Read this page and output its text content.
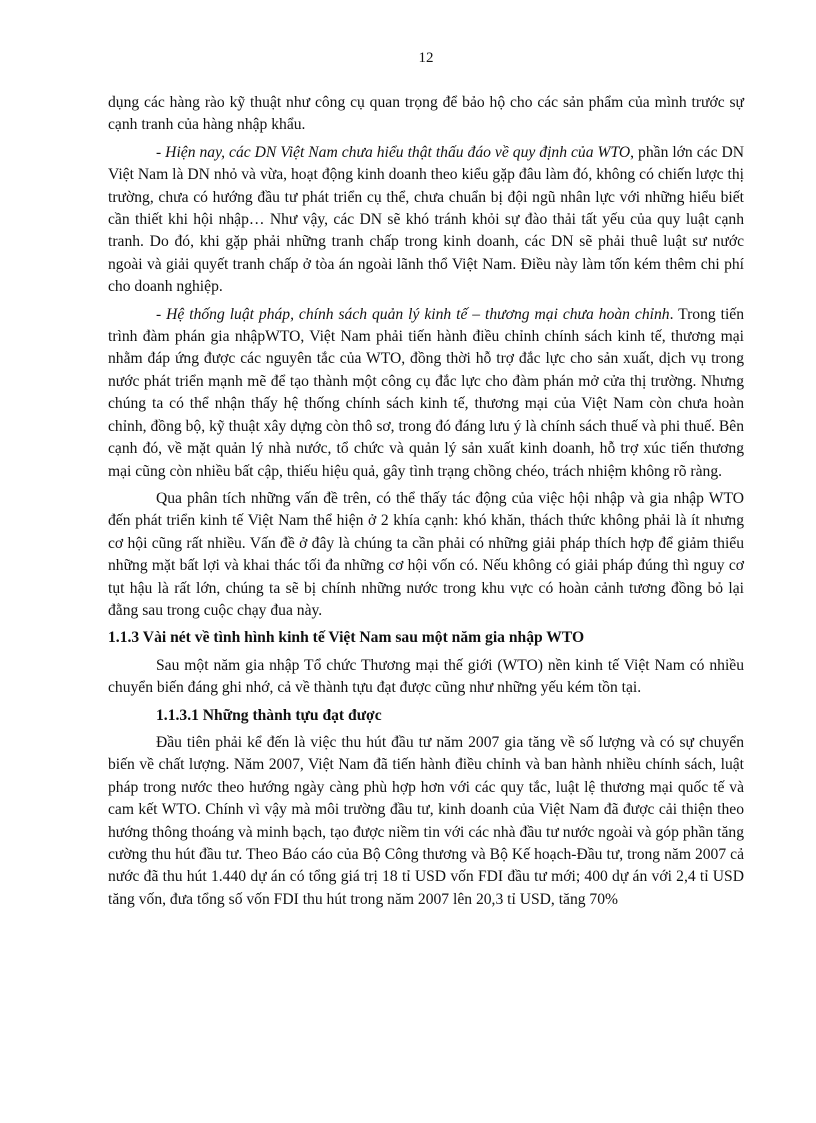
12

dụng các hàng rào kỹ thuật như công cụ quan trọng để bảo hộ cho các sản phẩm của mình trước sự cạnh tranh của hàng nhập khẩu.

- Hiện nay, các DN Việt Nam chưa hiểu thật thấu đáo về quy định của WTO, phần lớn các DN Việt Nam là DN nhỏ và vừa, hoạt động kinh doanh theo kiểu gặp đâu làm đó, không có chiến lược thị trường, chưa có hướng đầu tư phát triển cụ thể, chưa chuẩn bị đội ngũ nhân lực với những hiểu biết cần thiết khi hội nhập… Như vậy, các DN sẽ khó tránh khỏi sự đào thải tất yếu của quy luật cạnh tranh. Do đó, khi gặp phải những tranh chấp trong kinh doanh, các DN sẽ phải thuê luật sư nước ngoài và giải quyết tranh chấp ở tòa án ngoài lãnh thổ Việt Nam. Điều này làm tốn kém thêm chi phí cho doanh nghiệp.

- Hệ thống luật pháp, chính sách quản lý kinh tế – thương mại chưa hoàn chỉnh. Trong tiến trình đàm phán gia nhậpWTO, Việt Nam phải tiến hành điều chỉnh chính sách kinh tế, thương mại nhằm đáp ứng được các nguyên tắc của WTO, đồng thời hỗ trợ đắc lực cho sản xuất, dịch vụ trong nước phát triển mạnh mẽ để tạo thành một công cụ đắc lực cho đàm phán mở cửa thị trường. Nhưng chúng ta có thể nhận thấy hệ thống chính sách kinh tế, thương mại của Việt Nam còn chưa hoàn chỉnh, đồng bộ, kỹ thuật xây dựng còn thô sơ, trong đó đáng lưu ý là chính sách thuế và phi thuế. Bên cạnh đó, về mặt quản lý nhà nước, tổ chức và quản lý sản xuất kinh doanh, hỗ trợ xúc tiến thương mại cũng còn nhiều bất cập, thiếu hiệu quả, gây tình trạng chồng chéo, trách nhiệm không rõ ràng.

Qua phân tích những vấn đề trên, có thể thấy tác động của việc hội nhập và gia nhập WTO đến phát triển kinh tế Việt Nam thể hiện ở 2 khía cạnh: khó khăn, thách thức không phải là ít nhưng cơ hội cũng rất nhiều. Vấn đề ở đây là chúng ta cần phải có những giải pháp thích hợp để giảm thiểu những mặt bất lợi và khai thác tối đa những cơ hội vốn có. Nếu không có giải pháp đúng thì nguy cơ tụt hậu là rất lớn, chúng ta sẽ bị chính những nước trong khu vực có hoàn cảnh tương đồng bỏ lại đằng sau trong cuộc chạy đua này.

1.1.3 Vài nét về tình hình kinh tế Việt Nam sau một năm gia nhập WTO

Sau một năm gia nhập Tổ chức Thương mại thế giới (WTO) nền kinh tế Việt Nam có nhiều chuyển biến đáng ghi nhớ, cả về thành tựu đạt được cũng như những yếu kém tồn tại.

1.1.3.1 Những thành tựu đạt được

Đầu tiên phải kể đến là việc thu hút đầu tư năm 2007 gia tăng về số lượng và có sự chuyển biến về chất lượng. Năm 2007, Việt Nam đã tiến hành điều chỉnh và ban hành nhiều chính sách, luật pháp trong nước theo hướng ngày càng phù hợp hơn với các quy tắc, luật lệ thương mại quốc tế và cam kết WTO. Chính vì vậy mà môi trường đầu tư, kinh doanh của Việt Nam đã được cải thiện theo hướng thông thoáng và minh bạch, tạo được niềm tin với các nhà đầu tư nước ngoài và góp phần tăng cường thu hút đầu tư. Theo Báo cáo của Bộ Công thương và Bộ Kế hoạch-Đầu tư, trong năm 2007 cả nước đã thu hút 1.440 dự án có tổng giá trị 18 tỉ USD vốn FDI đầu tư mới; 400 dự án với 2,4 tỉ USD tăng vốn, đưa tổng số vốn FDI thu hút trong năm 2007 lên 20,3 tỉ USD, tăng 70%
